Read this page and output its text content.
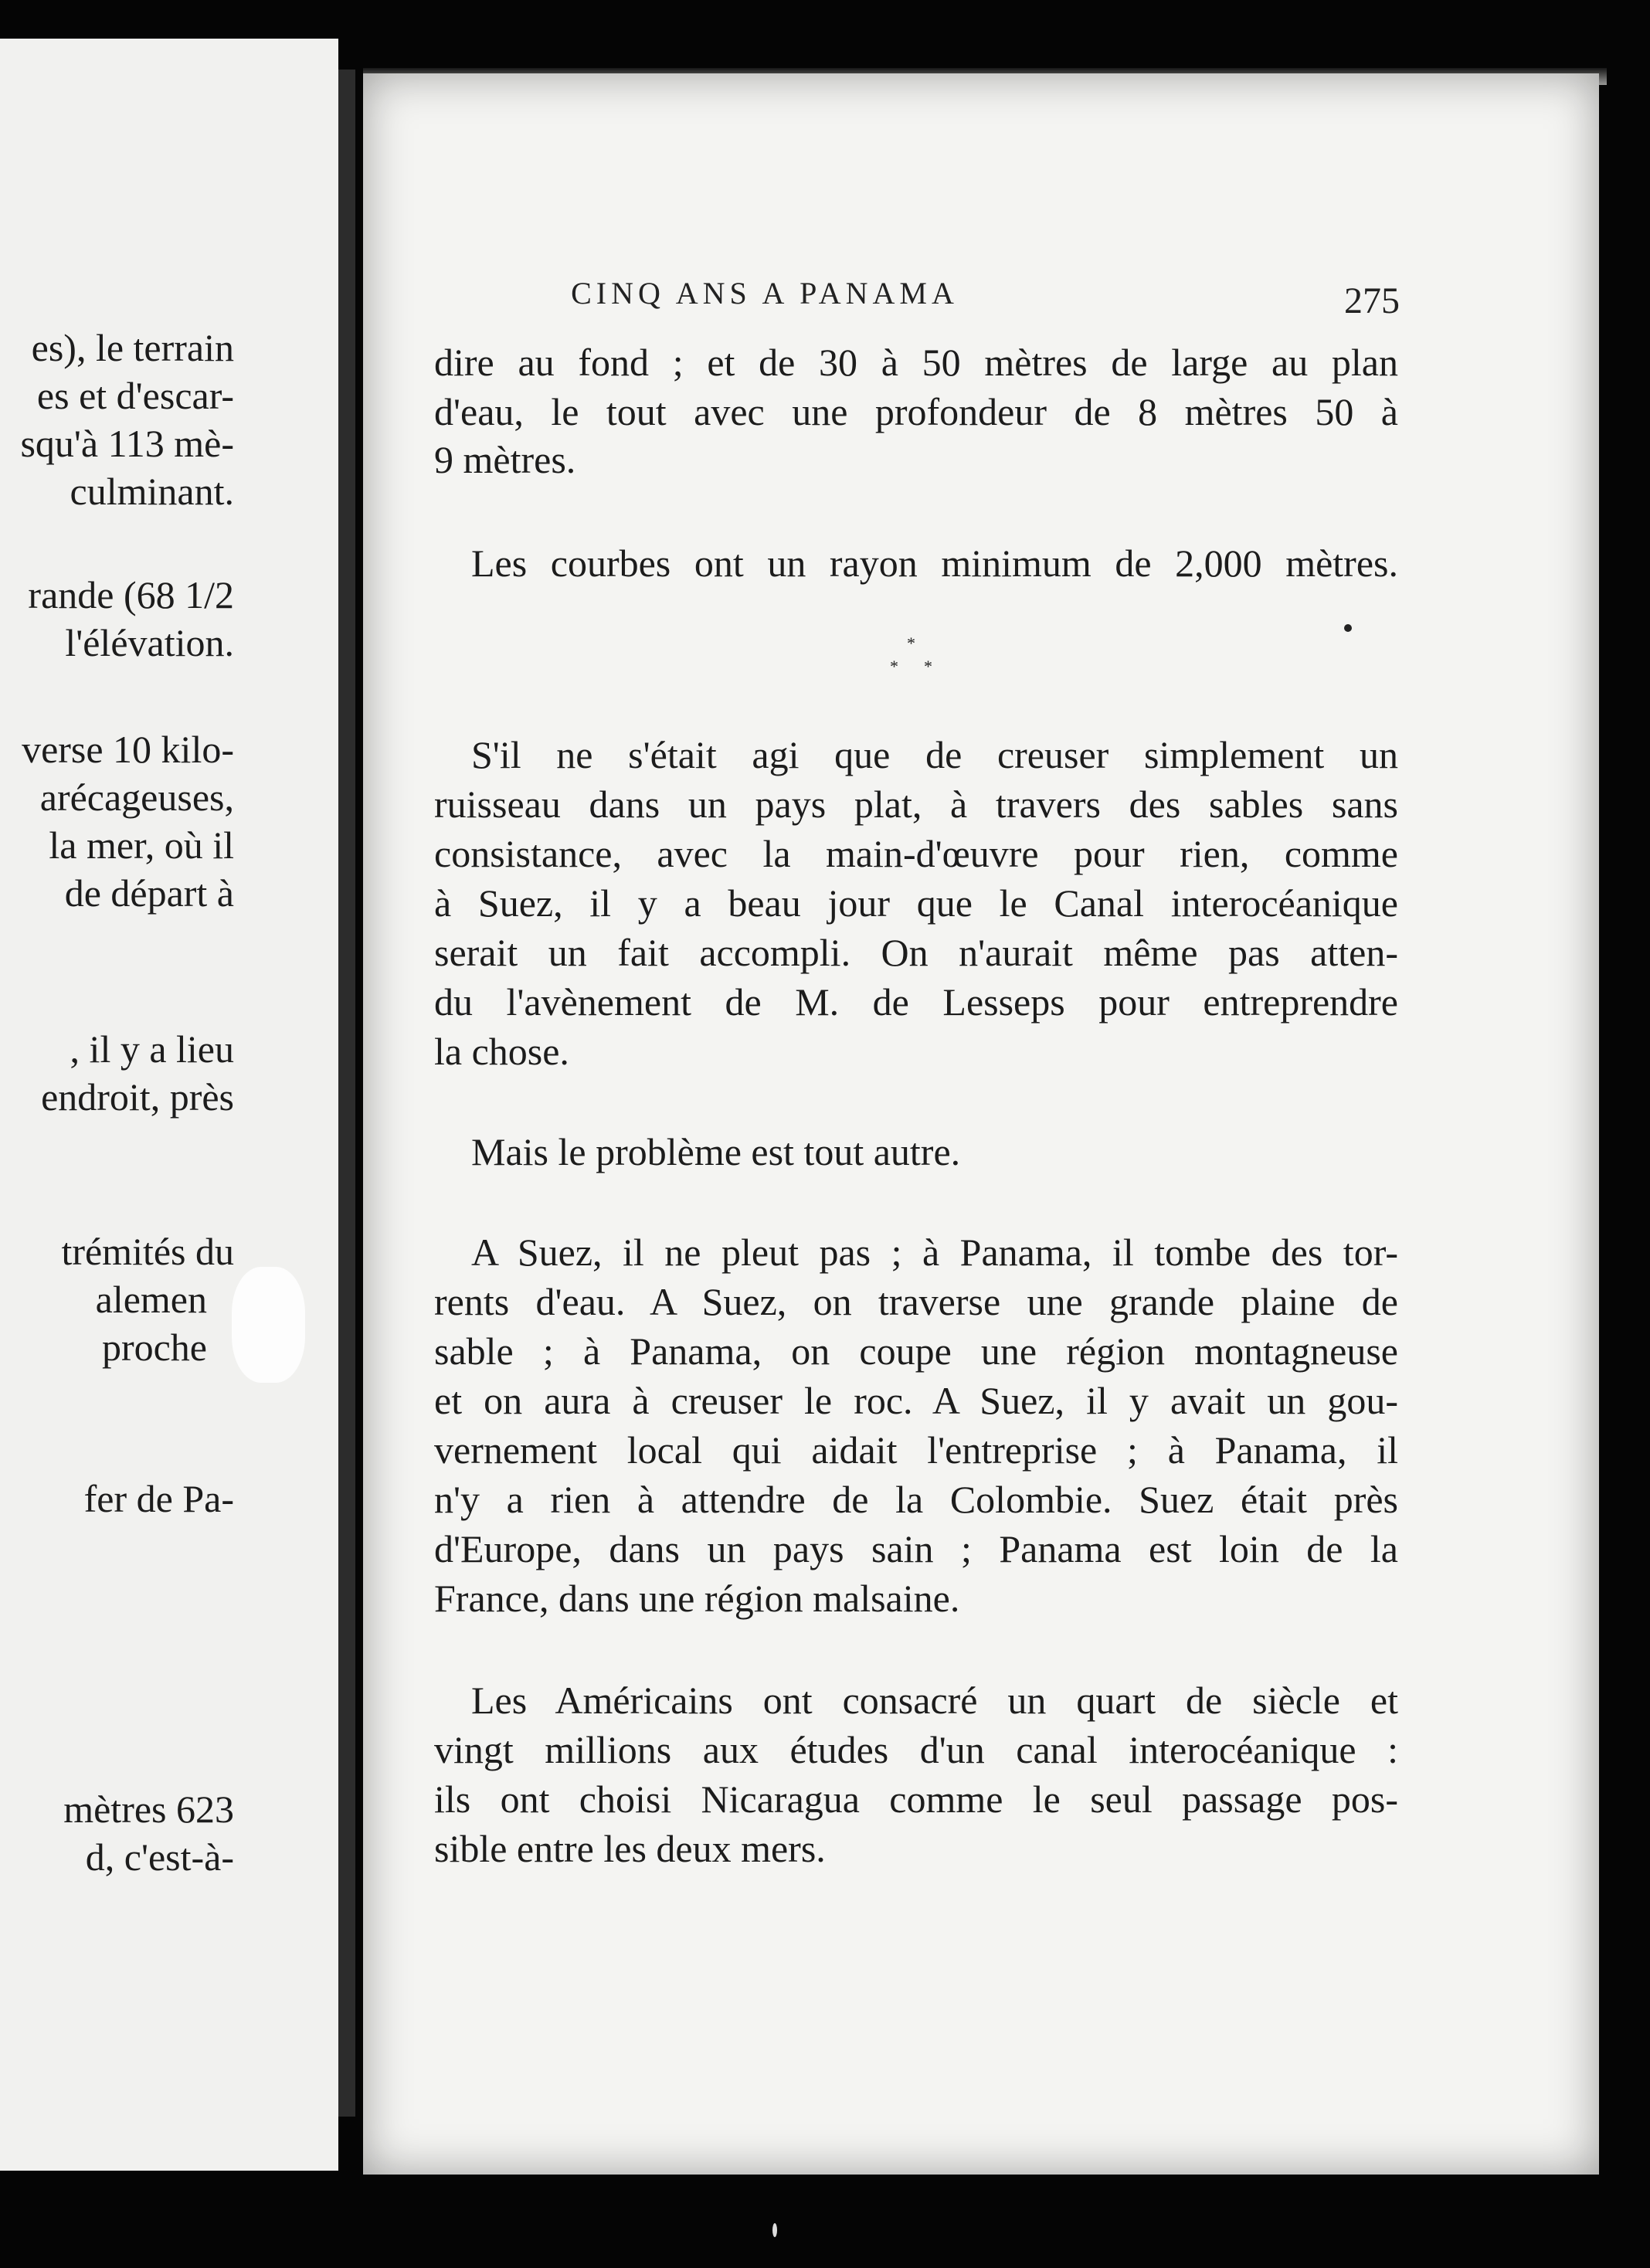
es), le terrain
es et d'escar-
squ'à 113 mè-
culminant.
rande (68 1/2
l'élévation.
verse 10 kilo-
arécageuses,
la mer, où il
de départ à
, il y a lieu
endroit, près
trémités du
alemen
proche
fer de Pa-
mètres 623
d, c'est-à-
CINQ ANS A PANAMA	275
dire au fond ; et de 30 à 50 mètres de large au plan
d'eau, le tout avec une profondeur de 8 mètres 50 à
9 mètres.
Les courbes ont un rayon minimum de 2,000 mètres.
*
* *
S'il ne s'était agi que de creuser simplement un
ruisseau dans un pays plat, à travers des sables sans
consistance, avec la main-d'œuvre pour rien, comme
à Suez, il y a beau jour que le Canal interocéanique
serait un fait accompli. On n'aurait même pas atten-
du l'avènement de M. de Lesseps pour entreprendre
la chose.
Mais le problème est tout autre.
A Suez, il ne pleut pas ; à Panama, il tombe des tor-
rents d'eau. A Suez, on traverse une grande plaine de
sable ; à Panama, on coupe une région montagneuse
et on aura à creuser le roc. A Suez, il y avait un gou-
vernement local qui aidait l'entreprise ; à Panama, il
n'y a rien à attendre de la Colombie. Suez était près
d'Europe, dans un pays sain ; Panama est loin de la
France, dans une région malsaine.
Les Américains ont consacré un quart de siècle et
vingt millions aux études d'un canal interocéanique :
ils ont choisi Nicaragua comme le seul passage pos-
sible entre les deux mers.
